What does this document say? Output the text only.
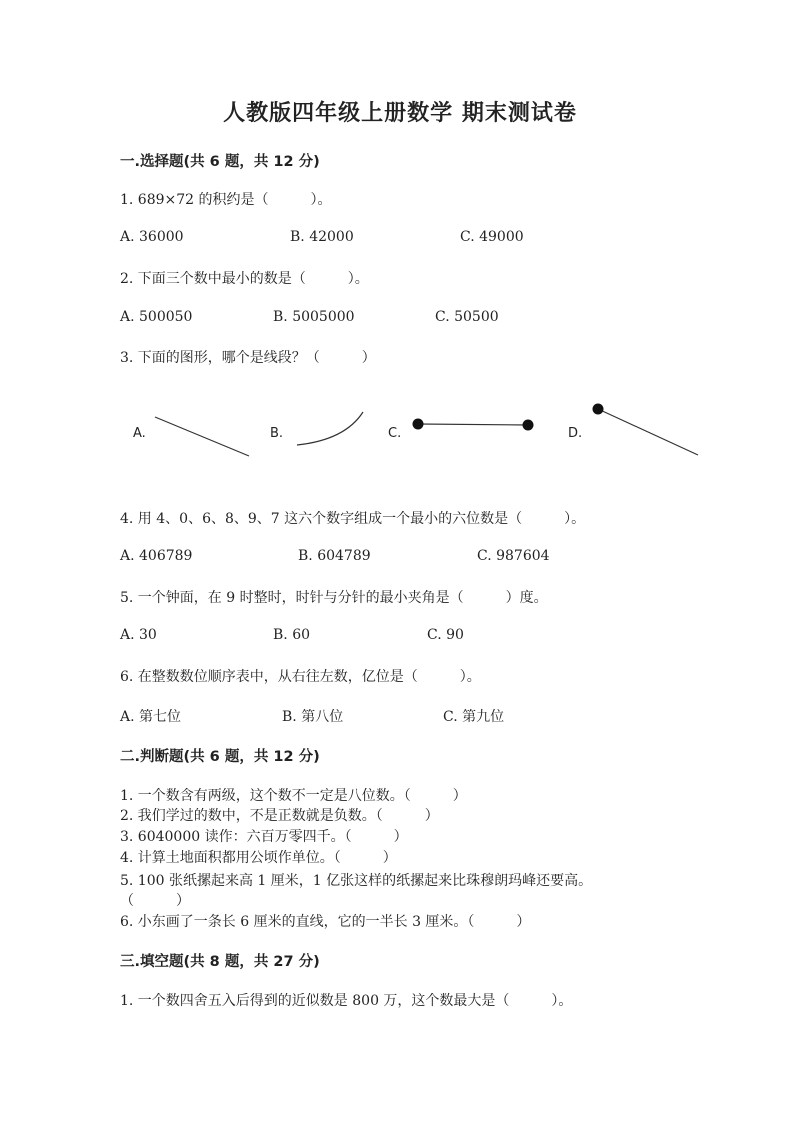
人教版四年级上册数学 期末测试卷
一.选择题(共 6 题，共 12 分)
1. 689×72 的积约是（　　　）。
A. 36000	B. 42000	C. 49000
2. 下面三个数中最小的数是（　　　）。
A. 500050	B. 5005000	C. 50500
3. 下面的图形，哪个是线段？（　　　）
A.	B.	C.	D.
4. 用 4、0、6、8、9、7 这六个数字组成一个最小的六位数是（　　　）。
A. 406789	B. 604789	C. 987604
5. 一个钟面，在 9 时整时，时针与分针的最小夹角是（　　　）度。
A. 30	B. 60	C. 90
6. 在整数数位顺序表中，从右往左数，亿位是（　　　）。
A. 第七位	B. 第八位	C. 第九位
二.判断题(共 6 题，共 12 分)
1. 一个数含有两级，这个数不一定是八位数。（　　　）
2. 我们学过的数中，不是正数就是负数。（　　　）
3. 6040000 读作：六百万零四千。（　　　）
4. 计算土地面积都用公顷作单位。（　　　）
5. 100 张纸摞起来高 1 厘米，1 亿张这样的纸摞起来比珠穆朗玛峰还要高。
（　　　）
6. 小东画了一条长 6 厘米的直线，它的一半长 3 厘米。（　　　）
三.填空题(共 8 题，共 27 分)
1. 一个数四舍五入后得到的近似数是 800 万，这个数最大是（　　　）。
